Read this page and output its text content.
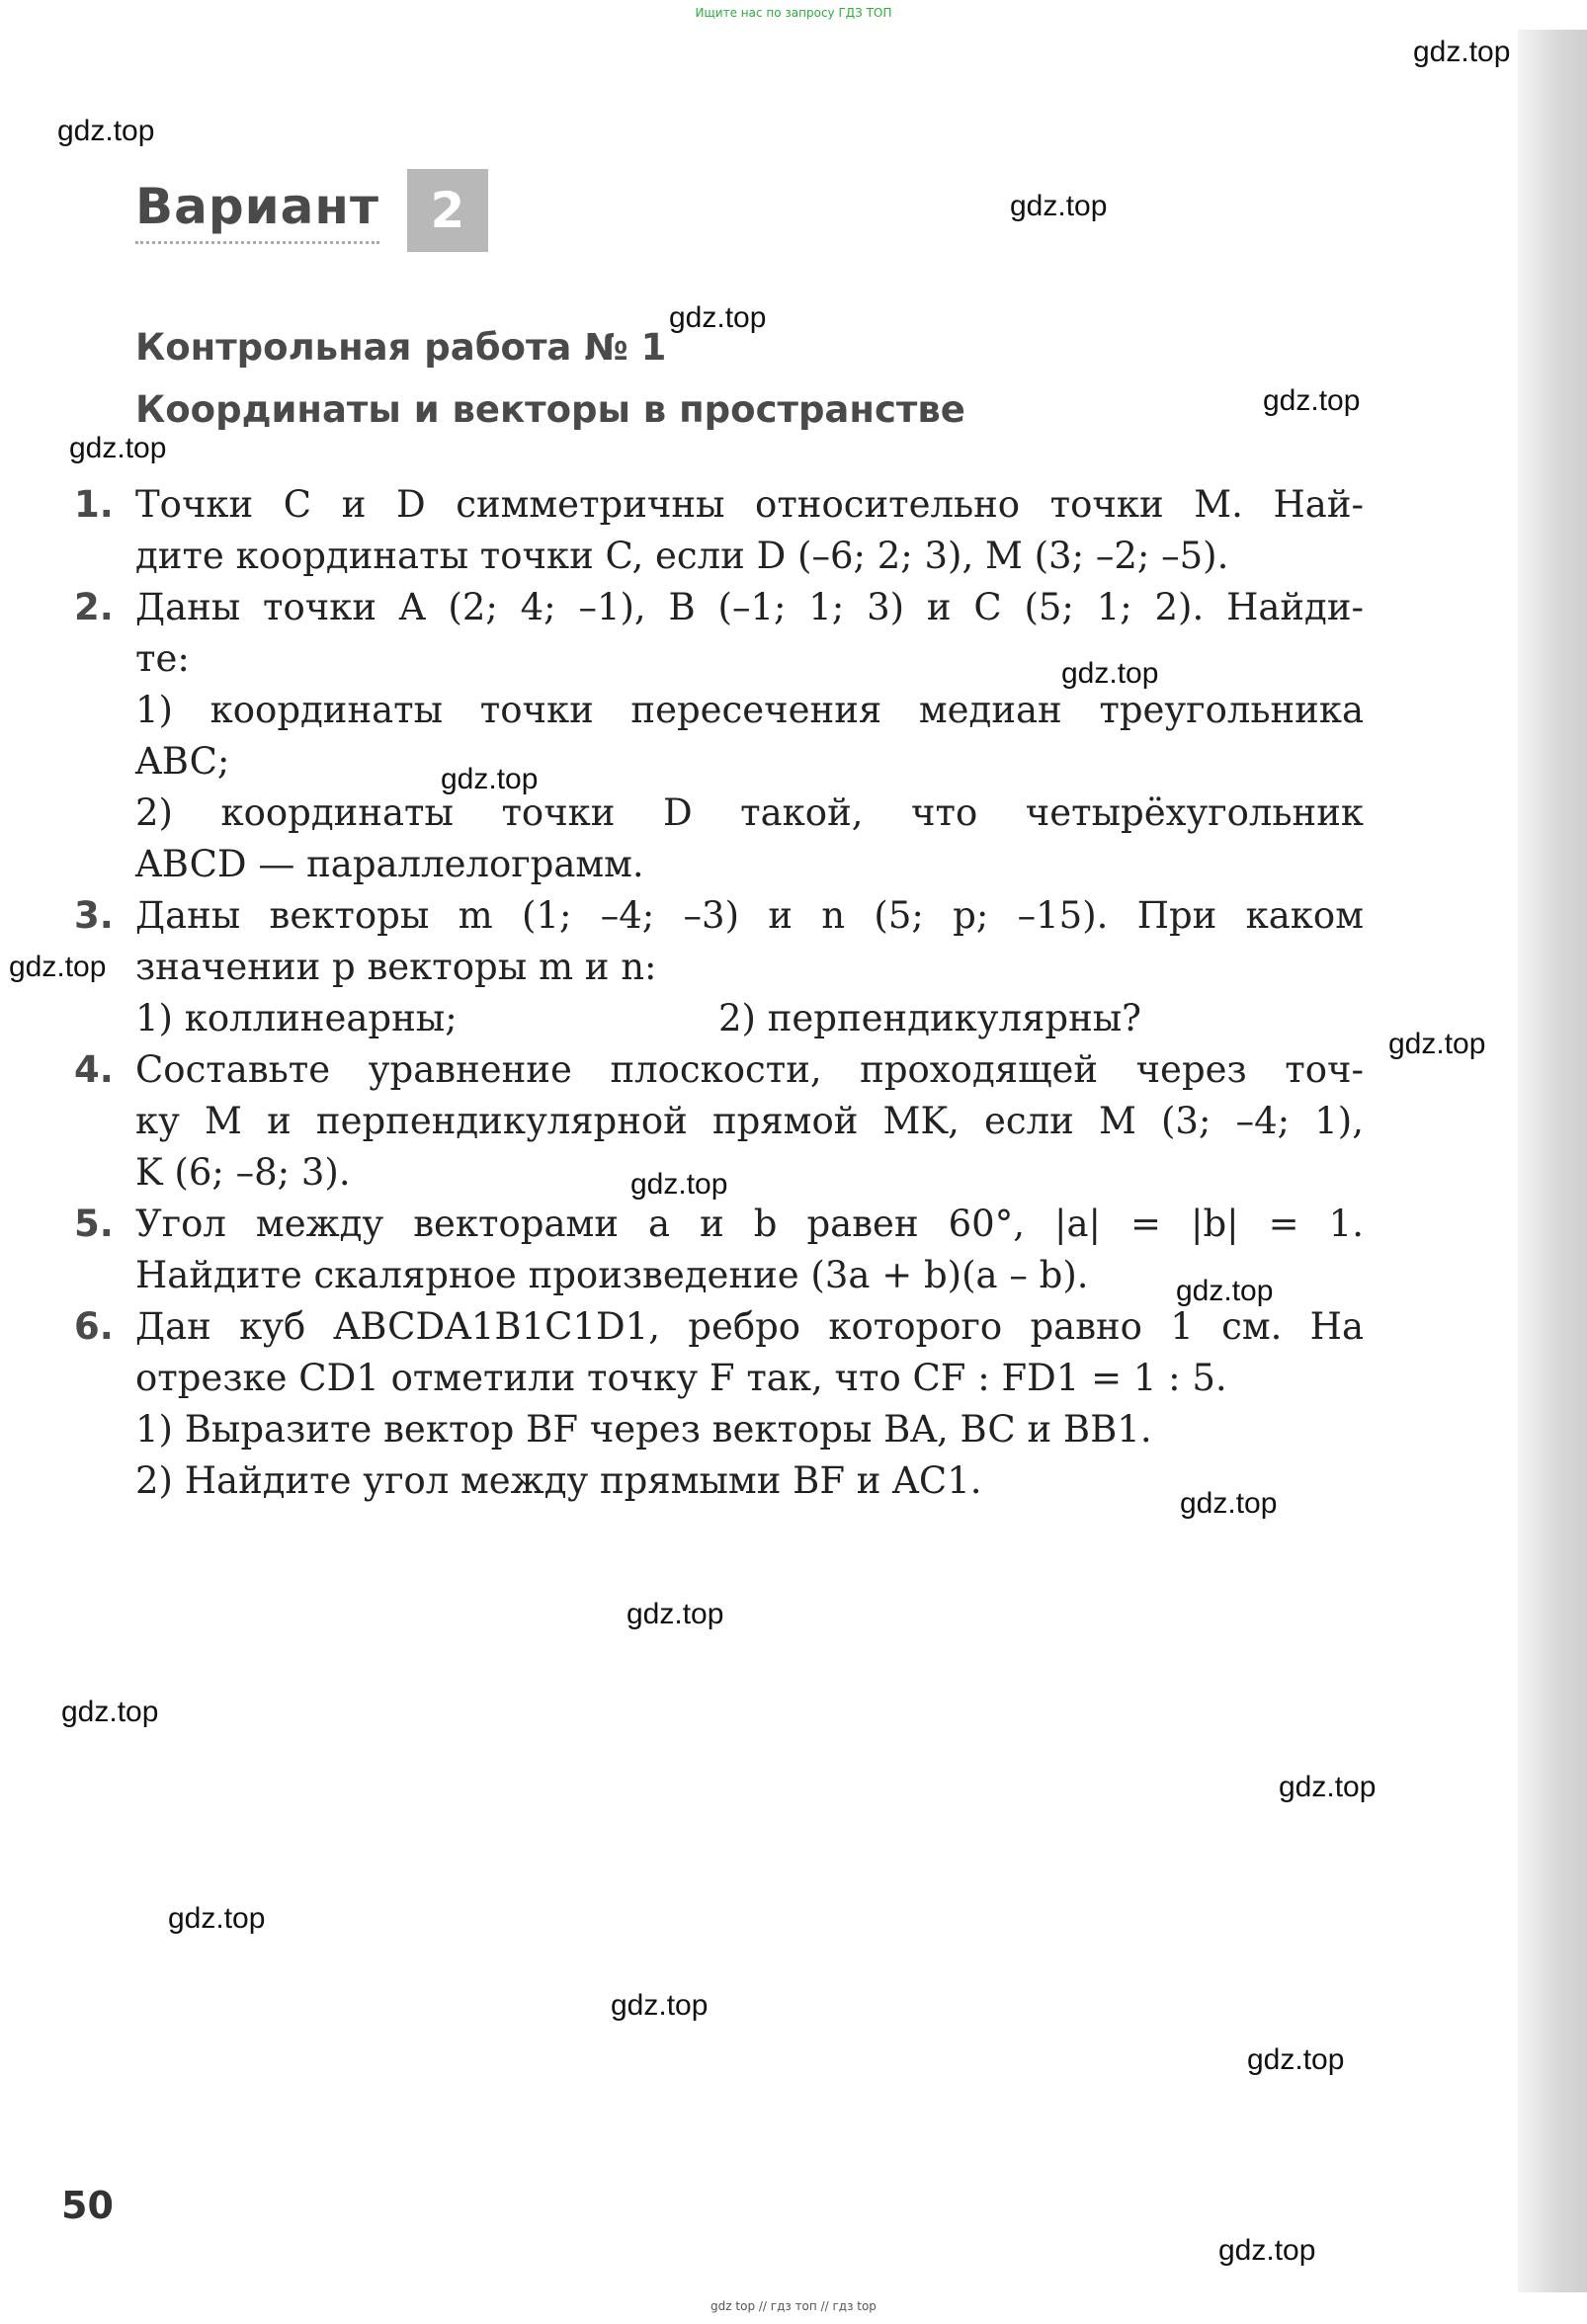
Ищите нас по запросу ГДЗ ТОП
gdz.top
gdz.top
gdz.top
gdz.top
gdz.top
gdz.top
gdz.top
gdz.top
gdz.top
gdz.top
gdz.top
gdz.top
gdz.top
gdz.top
gdz.top
gdz.top
gdz.top
gdz.top
gdz.top
gdz.top
Вариант	2
Контрольная работа № 1
Координаты и векторы в пространстве
1. Точки C и D симметричны относительно точки M. Най-
дите координаты точки C, если D (–6; 2; 3), M (3; –2; –5).
2. Даны точки A (2; 4; –1), B (–1; 1; 3) и C (5; 1; 2). Найди-
те:
1) координаты точки пересечения медиан треугольника
ABC;
2) координаты точки D такой, что четырёхугольник
ABCD — параллелограмм.
3. Даны векторы m (1; –4; –3) и n (5; p; –15). При каком
значении p векторы m и n:
1) коллинеарны;	2) перпендикулярны?
4. Составьте уравнение плоскости, проходящей через точ-
ку M и перпендикулярной прямой MK, если M (3; –4; 1),
K (6; –8; 3).
5. Угол между векторами a и b равен 60°, |a| = |b| = 1.
Найдите скалярное произведение (3a + b)(a – b).
6. Дан куб ABCDA1B1C1D1, ребро которого равно 1 см. На
отрезке CD1 отметили точку F так, что CF : FD1 = 1 : 5.
1) Выразите вектор BF через векторы BA, BC и BB1.
2) Найдите угол между прямыми BF и AC1.
50
gdz top // гдз топ // гдз top
